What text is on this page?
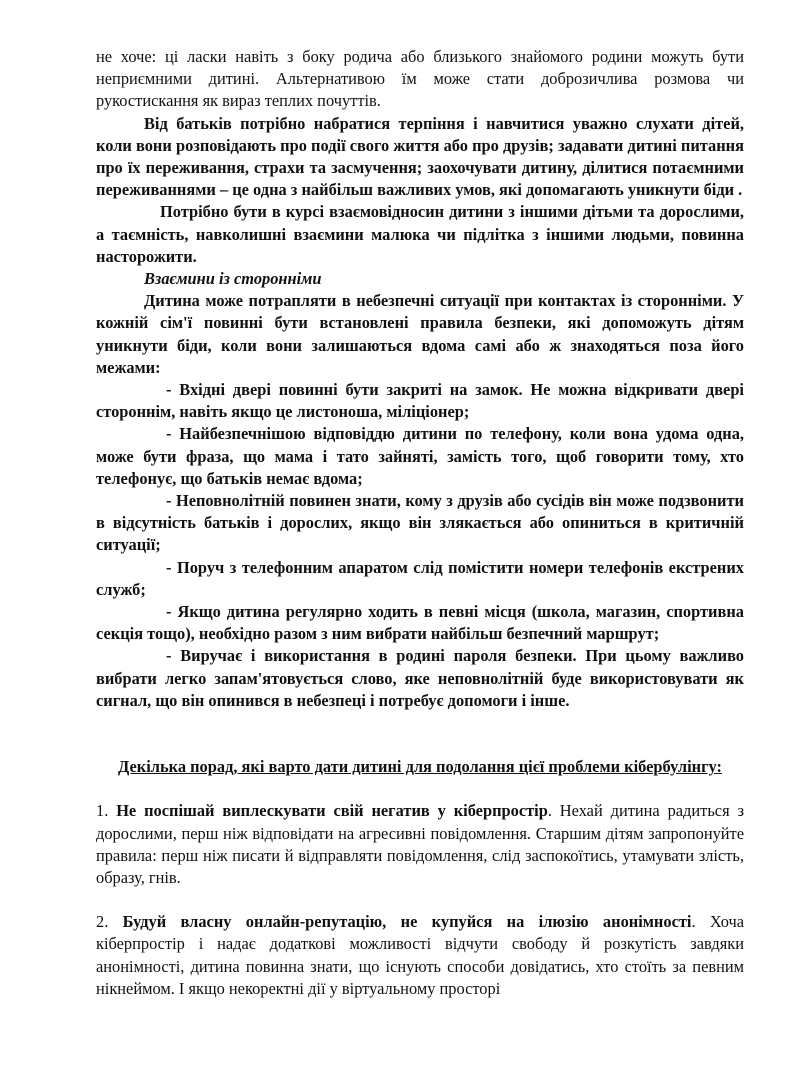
не хоче: ці ласки навіть з боку родича або близького знайомого родини можуть бути неприємними дитині. Альтернативою їм може стати доброзичлива розмова чи рукостискання як вираз теплих почуттів.

Від батьків потрібно набратися терпіння і навчитися уважно слухати дітей, коли вони розповідають про події свого життя або про друзів; задавати дитині питання про їх переживання, страхи та засмучення; заохочувати дитину, ділитися потаємними переживаннями – це одна з найбільш важливих умов, які допомагають уникнути біди .

Потрібно бути в курсі взаємовідносин дитини з іншими дітьми та дорослими, а таємність, навколишні взаємини малюка чи підлітка з іншими людьми, повинна насторожити.

Взаємини із сторонніми

Дитина може потрапляти в небезпечні ситуації при контактах із сторонніми. У кожній сім'ї повинні бути встановлені правила безпеки, які допоможуть дітям уникнути біди, коли вони залишаються вдома самі або ж знаходяться поза його межами:

- Вхідні двері повинні бути закриті на замок. Не можна відкривати двері стороннім, навіть якщо це листоноша, міліціонер;

- Найбезпечнішою відповіддю дитини по телефону, коли вона удома одна, може бути фраза, що мама і тато зайняті, замість того, щоб говорити тому, хто телефонує, що батьків немає вдома;

- Неповнолітній повинен знати, кому з друзів або сусідів він може подзвонити в відсутність батьків і дорослих, якщо він злякається або опиниться в критичній ситуації;

- Поруч з телефонним апаратом слід помістити номери телефонів екстрених служб;

- Якщо дитина регулярно ходить в певні місця (школа, магазин, спортивна секція тощо), необхідно разом з ним вибрати найбільш безпечний маршрут;

- Виручає і використання в родині пароля безпеки. При цьому важливо вибрати легко запам'ятовується слово, яке неповнолітній буде використовувати як сигнал, що він опинився в небезпеці і потребує допомоги і інше.

Декілька порад, які варто дати дитині для подолання цієї проблеми кібербулінгу:

1. Не поспішай виплескувати свій негатив у кіберпростір. Нехай дитина радиться з дорослими, перш ніж відповідати на агресивні повідомлення. Старшим дітям запропонуйте правила: перш ніж писати й відправляти повідомлення, слід заспокоїтись, утамувати злість, образу, гнів.

2. Будуй власну онлайн-репутацію, не купуйся на ілюзію анонімності. Хоча кіберпростір і надає додаткові можливості відчути свободу й розкутість завдяки анонімності, дитина повинна знати, що існують способи довідатись, хто стоїть за певним нікнеймом. І якщо некоректні дії у віртуальному просторі
